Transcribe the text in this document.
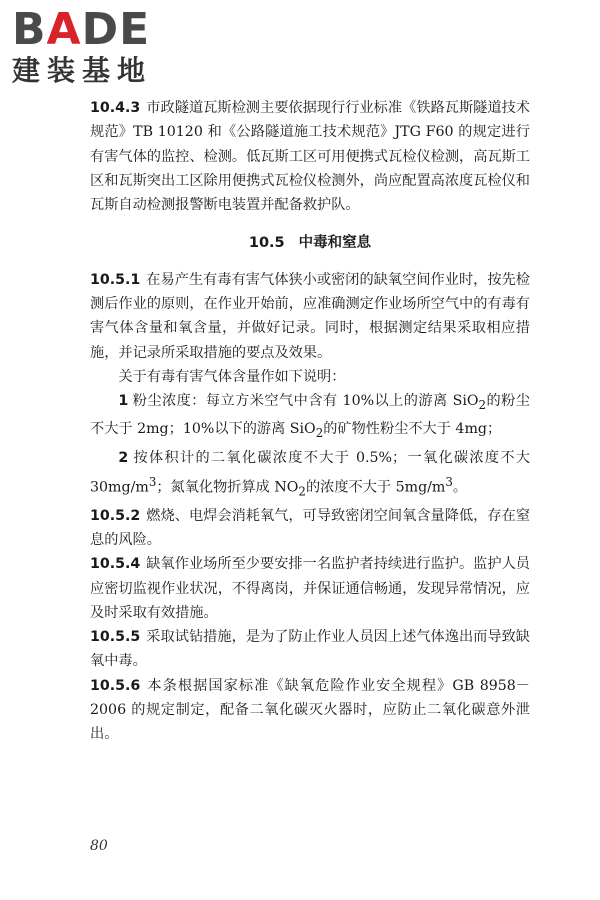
BADE
建装基地

10.4.3 市政隧道瓦斯检测主要依据现行行业标准《铁路瓦斯隧道技术规范》TB 10120 和《公路隧道施工技术规范》JTG F60 的规定进行有害气体的监控、检测。低瓦斯工区可用便携式瓦检仪检测，高瓦斯工区和瓦斯突出工区除用便携式瓦检仪检测外，尚应配置高浓度瓦检仪和瓦斯自动检测报警断电装置并配备救护队。

10.5 中毒和窒息

10.5.1 在易产生有毒有害气体狭小或密闭的缺氧空间作业时，按先检测后作业的原则，在作业开始前，应准确测定作业场所空气中的有毒有害气体含量和氧含量，并做好记录。同时，根据测定结果采取相应措施，并记录所采取措施的要点及效果。

关于有毒有害气体含量作如下说明：

1 粉尘浓度：每立方米空气中含有 10%以上的游离 SiO$_2$的粉尘不大于 2mg；10%以下的游离 SiO$_2$的矿物性粉尘不大于 4mg；

2 按体积计的二氧化碳浓度不大于 0.5%；一氧化碳浓度不大 $30mg/m^3$；氮氧化物折算成 $NO_2$的浓度不大于 $5mg/m^3$。

10.5.2 燃烧、电焊会消耗氧气，可导致密闭空间氧含量降低，存在窒息的风险。

10.5.4 缺氧作业场所至少要安排一名监护者持续进行监护。监护人员应密切监视作业状况，不得离岗，并保证通信畅通，发现异常情况，应及时采取有效措施。

10.5.5 采取试钻措施，是为了防止作业人员因上述气体逸出而导致缺氧中毒。

10.5.6 本条根据国家标准《缺氧危险作业安全规程》GB 8958－2006 的规定制定，配备二氧化碳灭火器时，应防止二氧化碳意外泄出。

80
